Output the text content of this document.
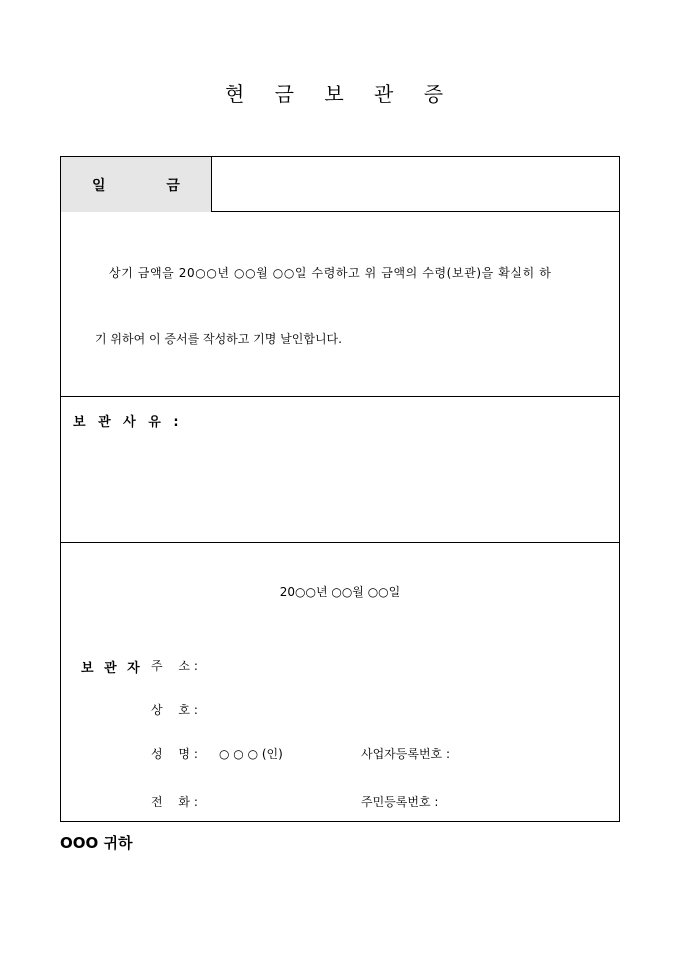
현 금 보 관 증
일 금
상기 금액을 20○○년 ○○월 ○○일 수령하고 위 금액의 수령(보관)을 확실히 하
기 위하여 이 증서를 작성하고 기명 날인합니다.
보 관 사 유 :
20○○년 ○○월 ○○일
보 관 자 주　 소 :
상　 호 :
성　 명 : ○ ○ ○ (인)	사업자등록번호 :
전　 화 :	주민등록번호 :
OOO 귀하
